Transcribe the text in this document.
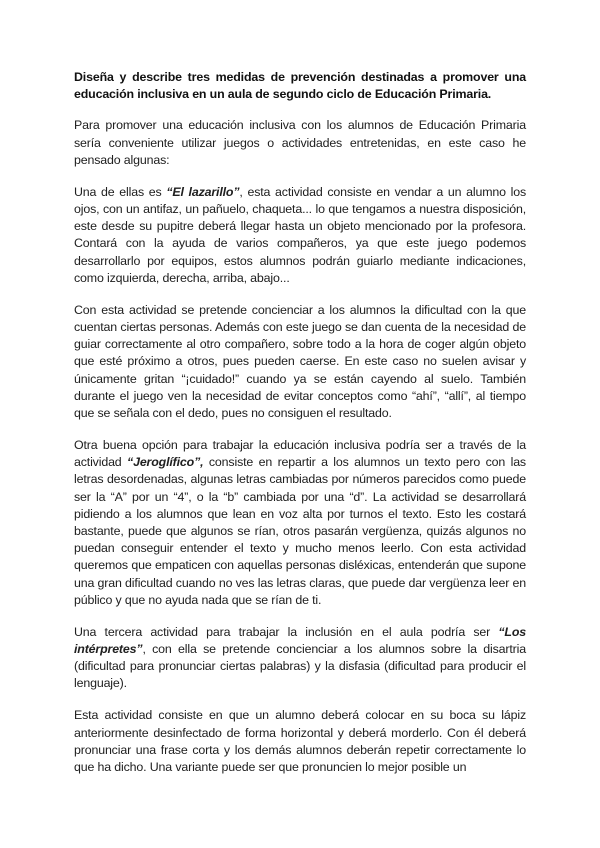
Diseña y describe tres medidas de prevención destinadas a promover una educación inclusiva en un aula de segundo ciclo de Educación Primaria.

Para promover una educación inclusiva con los alumnos de Educación Primaria sería conveniente utilizar juegos o actividades entretenidas, en este caso he pensado algunas:

Una de ellas es “El lazarillo”, esta actividad consiste en vendar a un alumno los ojos, con un antifaz, un pañuelo, chaqueta... lo que tengamos a nuestra disposición, este desde su pupitre deberá llegar hasta un objeto mencionado por la profesora. Contará con la ayuda de varios compañeros, ya que este juego podemos desarrollarlo por equipos, estos alumnos podrán guiarlo mediante indicaciones, como izquierda, derecha, arriba, abajo...

Con esta actividad se pretende concienciar a los alumnos la dificultad con la que cuentan ciertas personas. Además con este juego se dan cuenta de la necesidad de guiar correctamente al otro compañero, sobre todo a la hora de coger algún objeto que esté próximo a otros, pues pueden caerse. En este caso no suelen avisar y únicamente gritan “¡cuidado!” cuando ya se están cayendo al suelo. También durante el juego ven la necesidad de evitar conceptos como “ahí”, “allí”, al tiempo que se señala con el dedo, pues no consiguen el resultado.

Otra buena opción para trabajar la educación inclusiva podría ser a través de la actividad “Jeroglífico”, consiste en repartir a los alumnos un texto pero con las letras desordenadas, algunas letras cambiadas por números parecidos como puede ser la “A” por un “4”, o la “b” cambiada por una “d”. La actividad se desarrollará pidiendo a los alumnos que lean en voz alta por turnos el texto. Esto les costará bastante, puede que algunos se rían, otros pasarán vergüenza, quizás algunos no puedan conseguir entender el texto y mucho menos leerlo. Con esta actividad queremos que empaticen con aquellas personas disléxicas, entenderán que supone una gran dificultad cuando no ves las letras claras, que puede dar vergüenza leer en público y que no ayuda nada que se rían de ti.

Una tercera actividad para trabajar la inclusión en el aula podría ser “Los intérpretes”, con ella se pretende concienciar a los alumnos sobre la disartria (dificultad para pronunciar ciertas palabras) y la disfasia (dificultad para producir el lenguaje).

Esta actividad consiste en que un alumno deberá colocar en su boca su lápiz anteriormente desinfectado de forma horizontal y deberá morderlo. Con él deberá pronunciar una frase corta y los demás alumnos deberán repetir correctamente lo que ha dicho. Una variante puede ser que pronuncien lo mejor posible un
